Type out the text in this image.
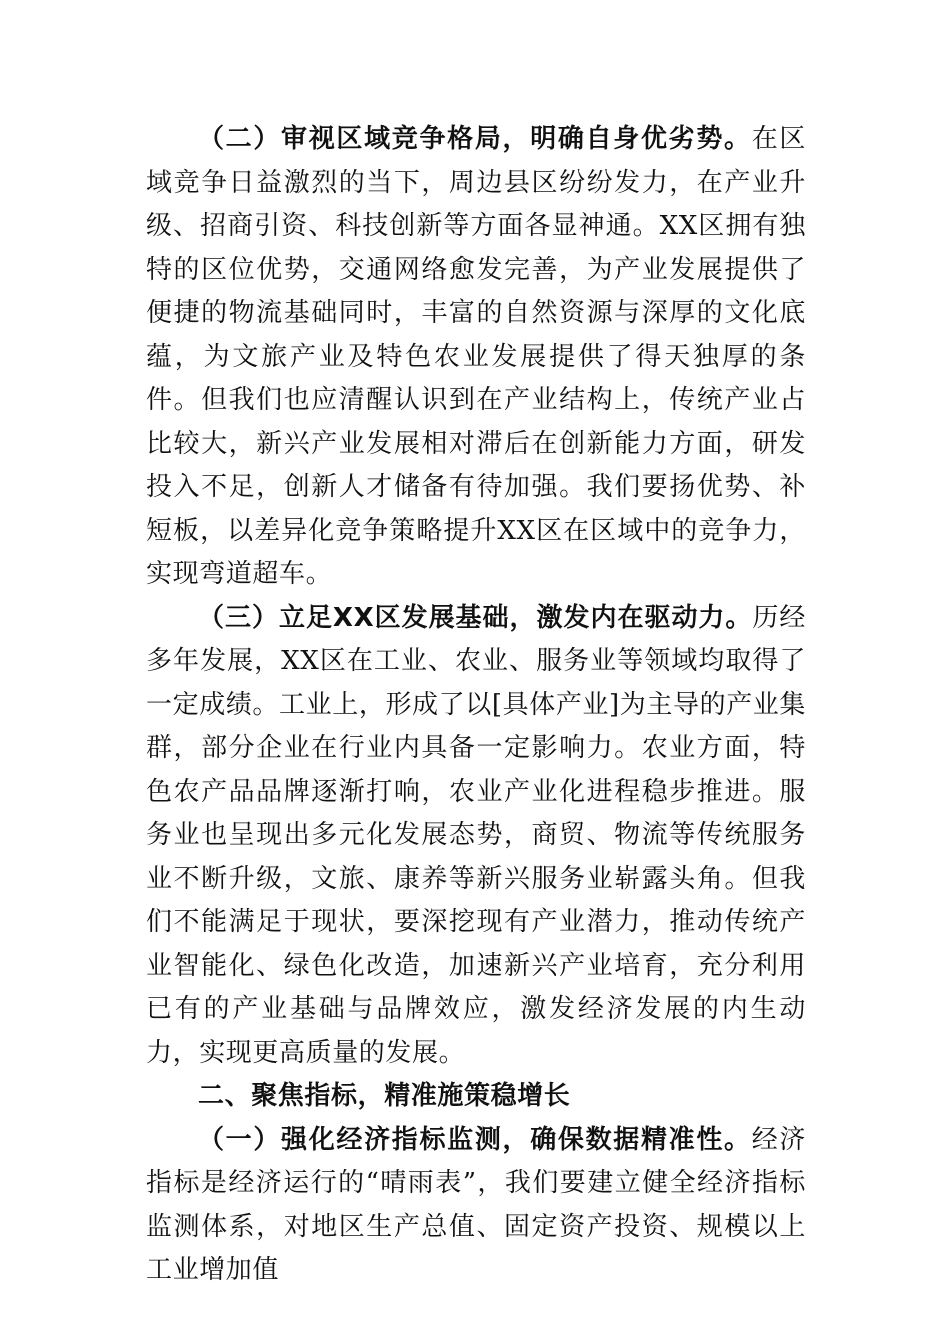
（二）审视区域竞争格局，明确自身优劣势。在区域竞争日益激烈的当下，周边县区纷纷发力，在产业升级、招商引资、科技创新等方面各显神通。XX区拥有独特的区位优势，交通网络愈发完善，为产业发展提供了便捷的物流基础同时，丰富的自然资源与深厚的文化底蕴，为文旅产业及特色农业发展提供了得天独厚的条件。但我们也应清醒认识到在产业结构上，传统产业占比较大，新兴产业发展相对滞后在创新能力方面，研发投入不足，创新人才储备有待加强。我们要扬优势、补短板，以差异化竞争策略提升XX区在区域中的竞争力，实现弯道超车。

（三）立足XX区发展基础，激发内在驱动力。历经多年发展，XX区在工业、农业、服务业等领域均取得了一定成绩。工业上，形成了以[具体产业]为主导的产业集群，部分企业在行业内具备一定影响力。农业方面，特色农产品品牌逐渐打响，农业产业化进程稳步推进。服务业也呈现出多元化发展态势，商贸、物流等传统服务业不断升级，文旅、康养等新兴服务业崭露头角。但我们不能满足于现状，要深挖现有产业潜力，推动传统产业智能化、绿色化改造，加速新兴产业培育，充分利用已有的产业基础与品牌效应，激发经济发展的内生动力，实现更高质量的发展。

二、聚焦指标，精准施策稳增长

（一）强化经济指标监测，确保数据精准性。经济指标是经济运行的“晴雨表”，我们要建立健全经济指标监测体系，对地区生产总值、固定资产投资、规模以上工业增加值
